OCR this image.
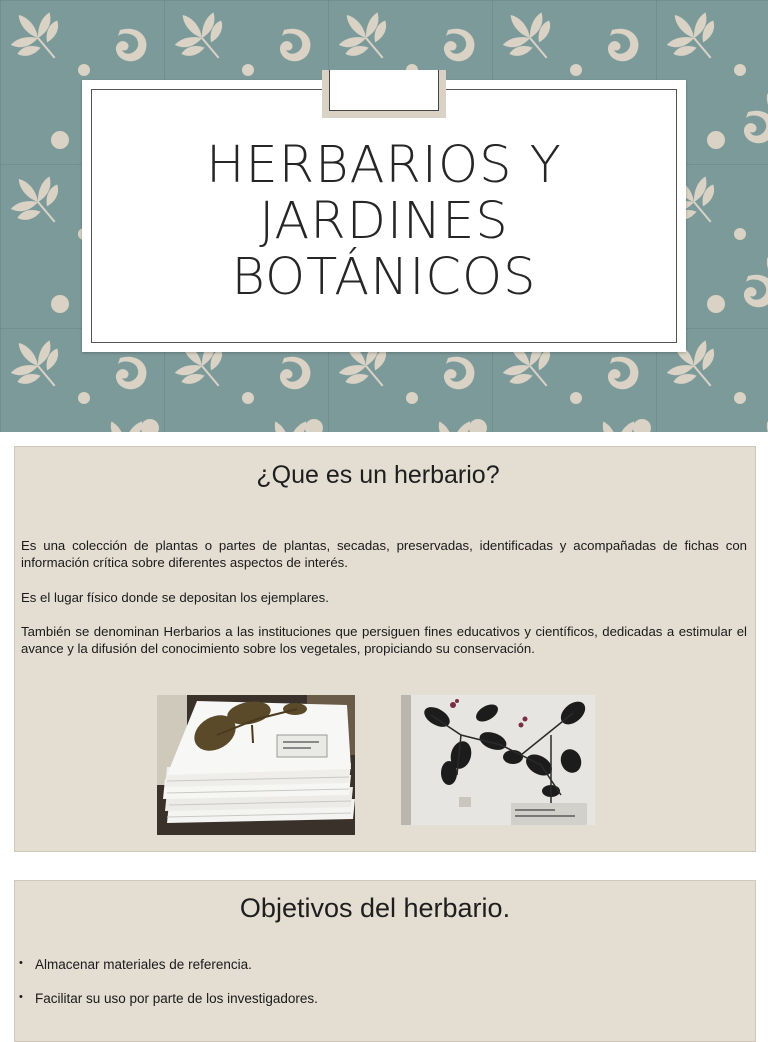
HERBARIOS Y
JARDINES
BOTÁNICOS
¿Que es un herbario?

Es una colección de plantas o partes de plantas, secadas, preservadas, identificadas y acompañadas de fichas con información crítica sobre diferentes aspectos de interés.

Es el lugar físico donde se depositan los ejemplares.

También se denominan Herbarios a las instituciones que persiguen fines educativos y científicos, dedicadas a estimular el avance y la difusión del conocimiento sobre los vegetales, propiciando su conservación.

Objetivos del herbario.
• Almacenar materiales de referencia.
• Facilitar su uso por parte de los investigadores.
